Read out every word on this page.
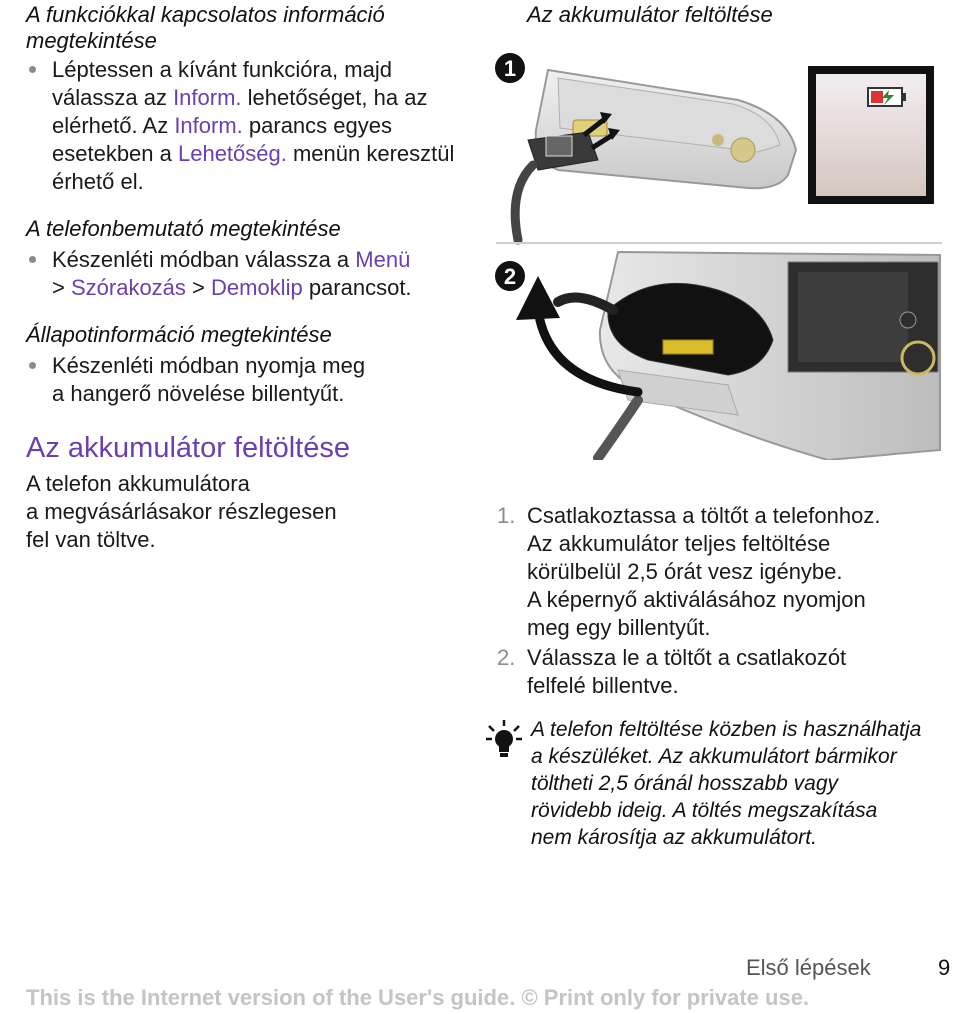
A funkciókkal kapcsolatos információ megtekintése
Léptessen a kívánt funkcióra, majd válassza az Inform. lehetőséget, ha az elérhető. Az Inform. parancs egyes esetekben a Lehetőség. menün keresztül érhető el.
A telefonbemutató megtekintése
Készenléti módban válassza a Menü
> Szórakozás > Demoklip parancsot.
Állapotinformáció megtekintése
Készenléti módban nyomja meg
a hangerő növelése billentyűt.
Az akkumulátor feltöltése
A telefon akkumulátora
a megvásárlásakor részlegesen
fel van töltve.
Az akkumulátor feltöltése
1
2
1. Csatlakoztassa a töltőt a telefonhoz.
Az akkumulátor teljes feltöltése
körülbelül 2,5 órát vesz igénybe.
A képernyő aktiválásához nyomjon
meg egy billentyűt.
2. Válassza le a töltőt a csatlakozót
felfelé billentve.
A telefon feltöltése közben is használhatja
a készüléket. Az akkumulátort bármikor
töltheti 2,5 óránál hosszabb vagy
rövidebb ideig. A töltés megszakítása
nem károsítja az akkumulátort.
Első lépések	9
This is the Internet version of the User's guide. © Print only for private use.
